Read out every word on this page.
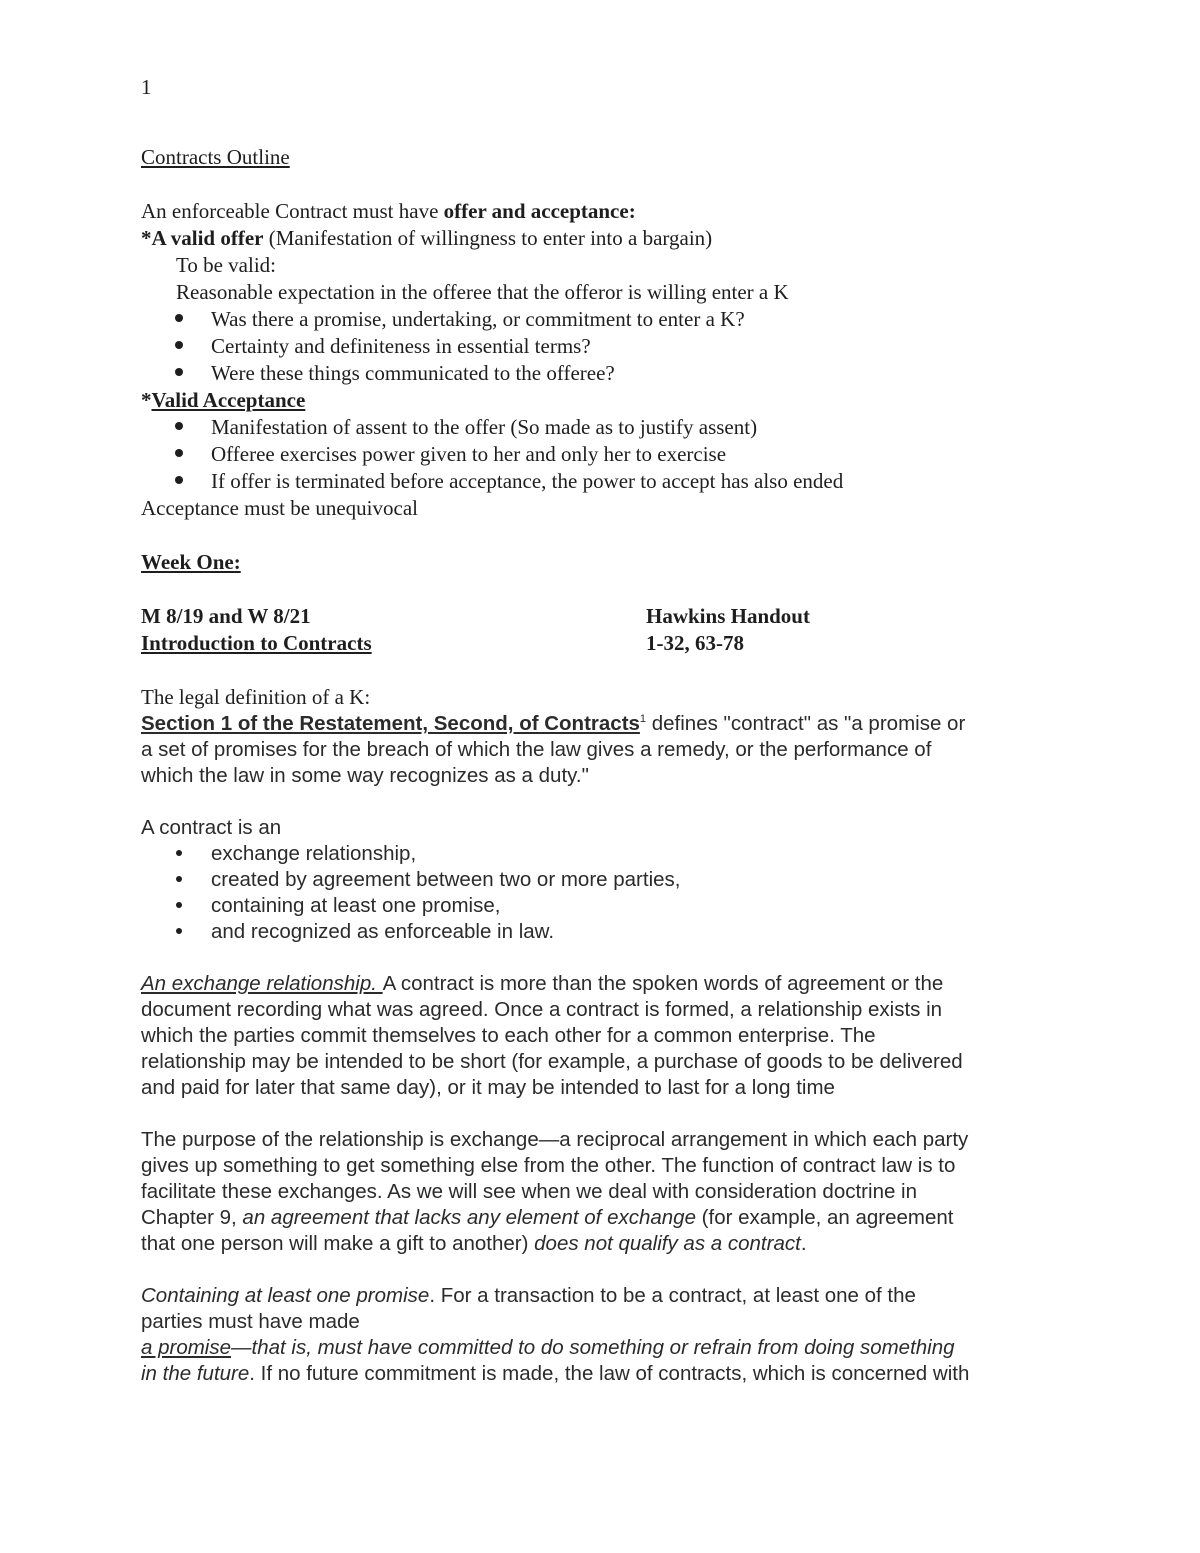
1
Contracts Outline
An enforceable Contract must have offer and acceptance:
*A valid offer (Manifestation of willingness to enter into a bargain)
To be valid:
Reasonable expectation in the offeree that the offeror is willing enter a K
Was there a promise, undertaking, or commitment to enter a K?
Certainty and definiteness in essential terms?
Were these things communicated to the offeree?
*Valid Acceptance
Manifestation of assent to the offer (So made as to justify assent)
Offeree exercises power given to her and only her to exercise
If offer is terminated before acceptance, the power to accept has also ended
Acceptance must be unequivocal
Week One:
M 8/19 and W 8/21	Hawkins Handout
Introduction to Contracts	1-32, 63-78
The legal definition of a K:
Section 1 of the Restatement, Second, of Contracts$^1$ defines "contract" as "a promise or
a set of promises for the breach of which the law gives a remedy, or the performance of
which the law in some way recognizes as a duty."
A contract is an
exchange relationship,
created by agreement between two or more parties,
containing at least one promise,
and recognized as enforceable in law.
An exchange relationship. A contract is more than the spoken words of agreement or the
document recording what was agreed. Once a contract is formed, a relationship exists in
which the parties commit themselves to each other for a common enterprise. The
relationship may be intended to be short (for example, a purchase of goods to be delivered
and paid for later that same day), or it may be intended to last for a long time
The purpose of the relationship is exchange—a reciprocal arrangement in which each party
gives up something to get something else from the other. The function of contract law is to
facilitate these exchanges. As we will see when we deal with consideration doctrine in
Chapter 9, an agreement that lacks any element of exchange (for example, an agreement
that one person will make a gift to another) does not qualify as a contract.
Containing at least one promise. For a transaction to be a contract, at least one of the
parties must have made
a promise—that is, must have committed to do something or refrain from doing something
in the future. If no future commitment is made, the law of contracts, which is concerned with
